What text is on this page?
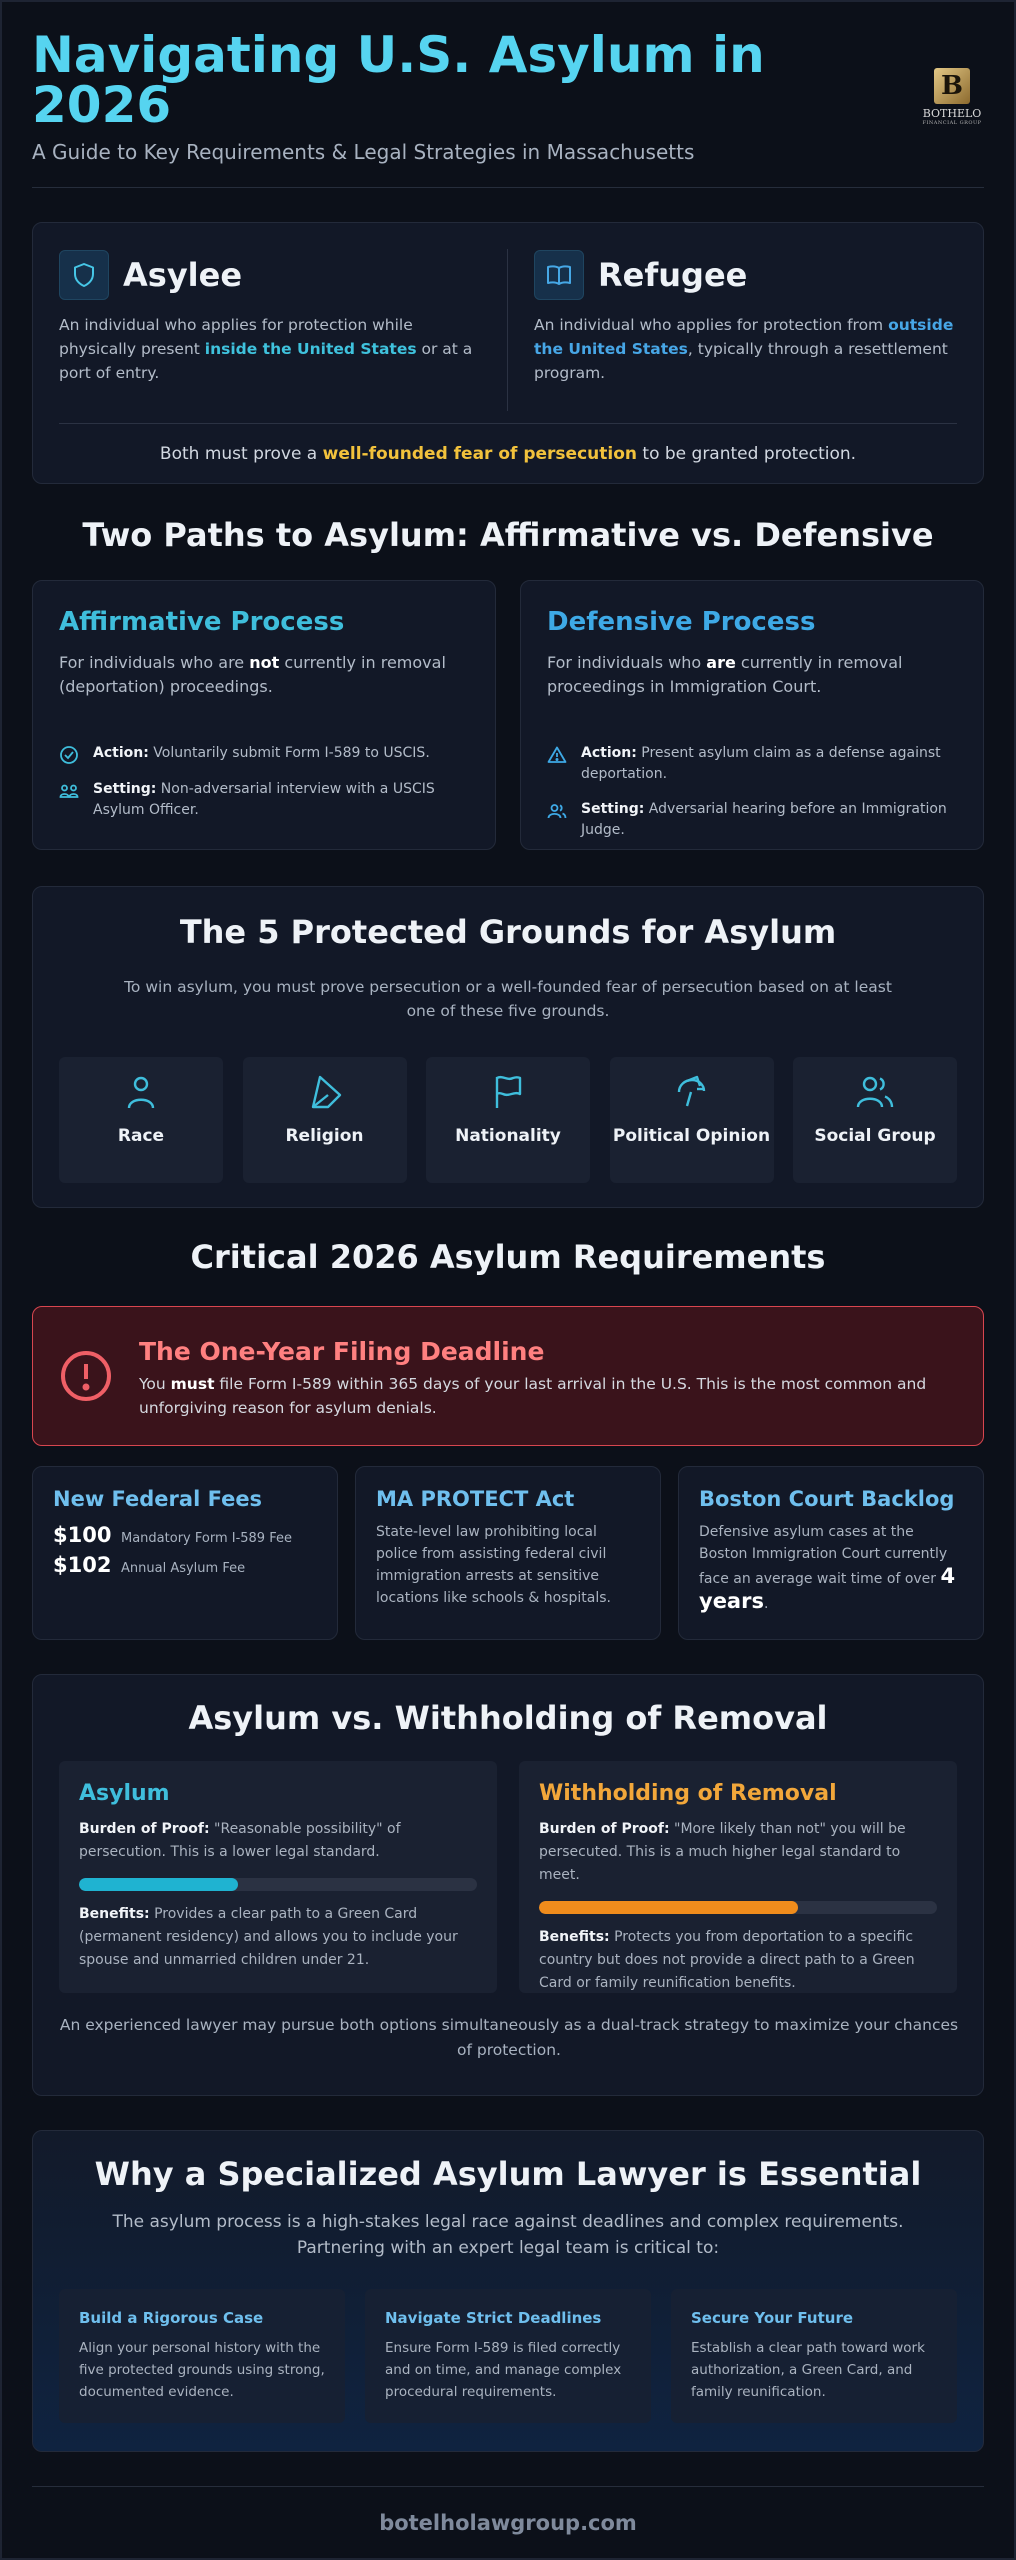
Navigating U.S. Asylum in 2026
A Guide to Key Requirements & Legal Strategies in Massachusetts
B
BOTHELO
FINANCIAL GROUP
Asylee
An individual who applies for protection while physically present inside the United States or at a port of entry.
Refugee
An individual who applies for protection from outside the United States, typically through a resettlement program.
Both must prove a well-founded fear of persecution to be granted protection.
Two Paths to Asylum: Affirmative vs. Defensive
Affirmative Process
For individuals who are not currently in removal (deportation) proceedings.
Action: Voluntarily submit Form I-589 to USCIS.
Setting: Non-adversarial interview with a USCIS Asylum Officer.
Defensive Process
For individuals who are currently in removal proceedings in Immigration Court.
Action: Present asylum claim as a defense against deportation.
Setting: Adversarial hearing before an Immigration Judge.
The 5 Protected Grounds for Asylum
To win asylum, you must prove persecution or a well-founded fear of persecution based on at least one of these five grounds.
Race	Religion	Nationality	Political Opinion	Social Group
Critical 2026 Asylum Requirements
The One-Year Filing Deadline
You must file Form I-589 within 365 days of your last arrival in the U.S. This is the most common and unforgiving reason for asylum denials.
New Federal Fees
$100 Mandatory Form I-589 Fee
$102 Annual Asylum Fee
MA PROTECT Act
State-level law prohibiting local police from assisting federal civil immigration arrests at sensitive locations like schools & hospitals.
Boston Court Backlog
Defensive asylum cases at the Boston Immigration Court currently face an average wait time of over 4 years.
Asylum vs. Withholding of Removal
Asylum
Burden of Proof: "Reasonable possibility" of persecution. This is a lower legal standard.
Benefits: Provides a clear path to a Green Card (permanent residency) and allows you to include your spouse and unmarried children under 21.
Withholding of Removal
Burden of Proof: "More likely than not" you will be persecuted. This is a much higher legal standard to meet.
Benefits: Protects you from deportation to a specific country but does not provide a direct path to a Green Card or family reunification benefits.
An experienced lawyer may pursue both options simultaneously as a dual-track strategy to maximize your chances of protection.
Why a Specialized Asylum Lawyer is Essential
The asylum process is a high-stakes legal race against deadlines and complex requirements. Partnering with an expert legal team is critical to:
Build a Rigorous Case
Align your personal history with the five protected grounds using strong, documented evidence.
Navigate Strict Deadlines
Ensure Form I-589 is filed correctly and on time, and manage complex procedural requirements.
Secure Your Future
Establish a clear path toward work authorization, a Green Card, and family reunification.
botelholawgroup.com
